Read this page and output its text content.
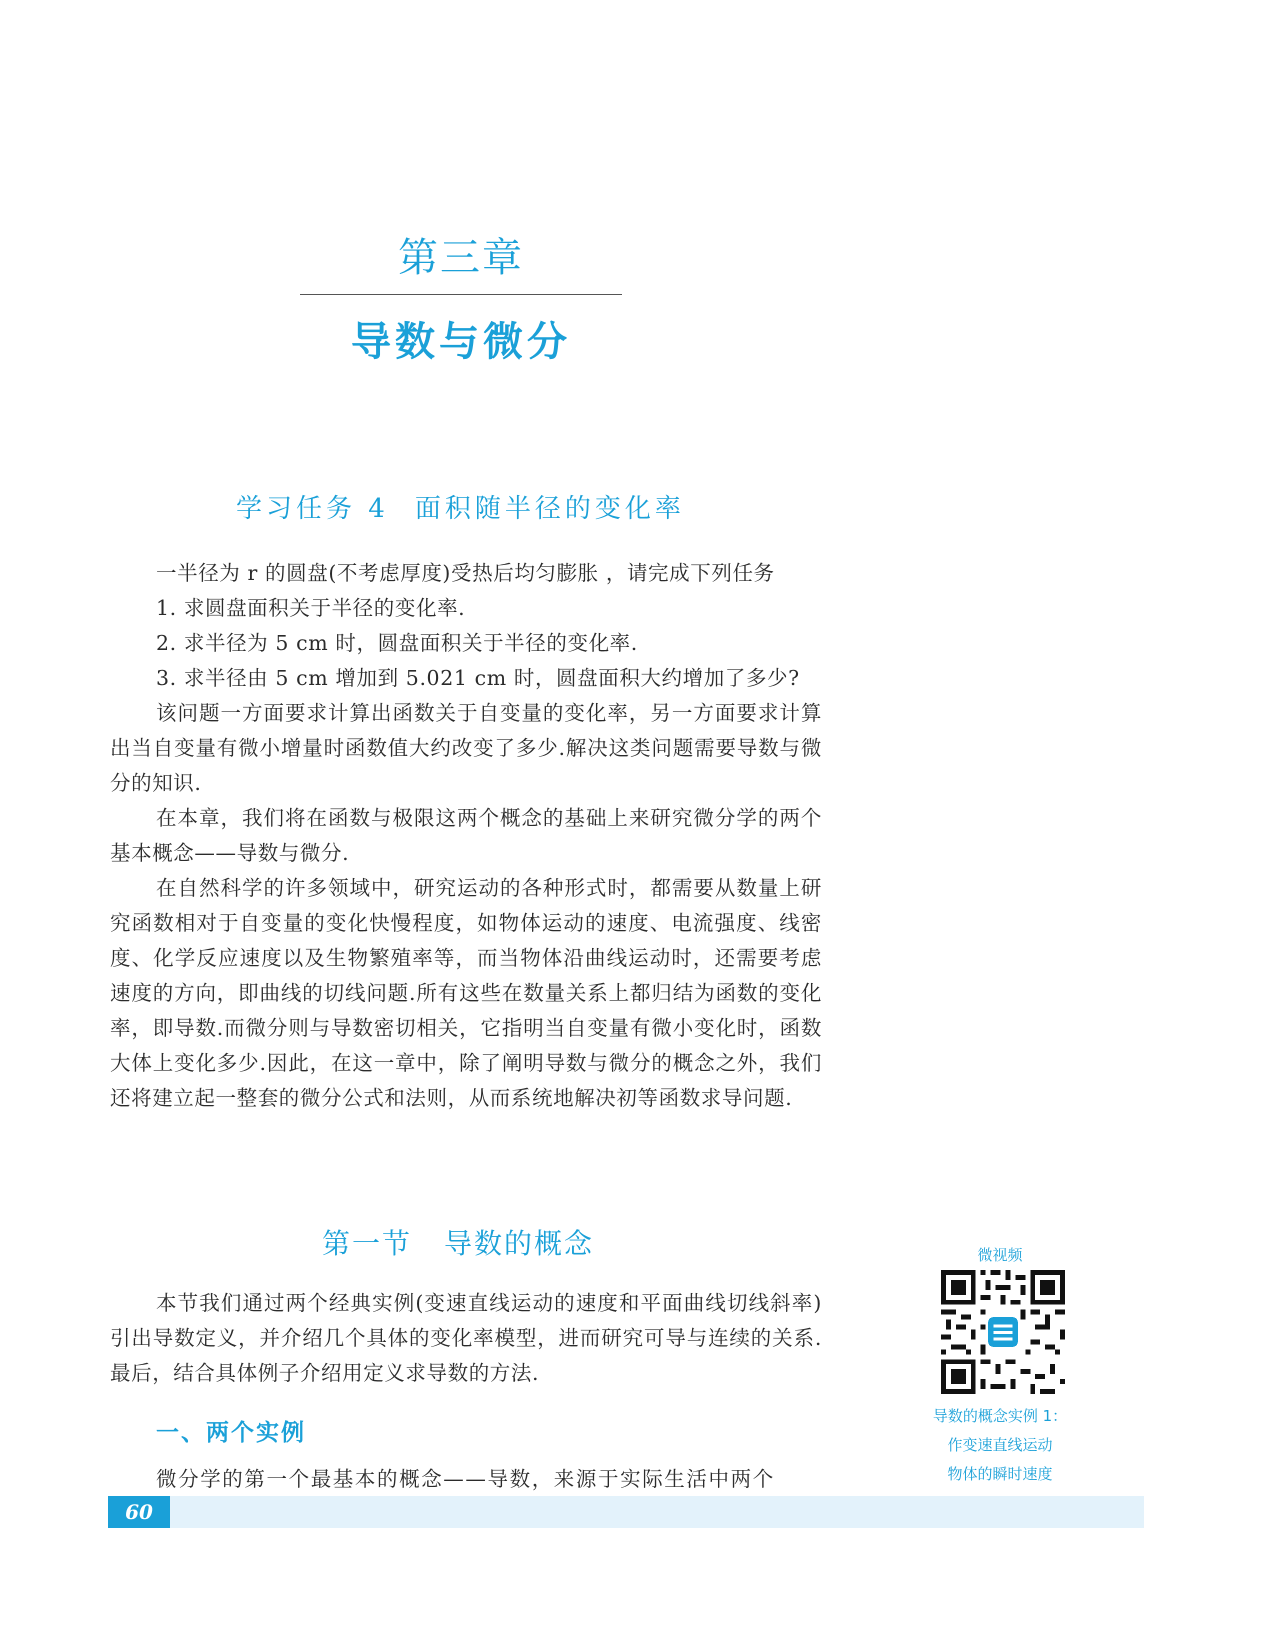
第三章
导数与微分
学习任务 4 面积随半径的变化率

一半径为 r 的圆盘(不考虑厚度)受热后均匀膨胀 ，请完成下列任务

1. 求圆盘面积关于半径的变化率.

2. 求半径为 5 cm 时，圆盘面积关于半径的变化率.

3. 求半径由 5 cm 增加到 5.021 cm 时，圆盘面积大约增加了多少?

该问题一方面要求计算出函数关于自变量的变化率，另一方面要求计算出当自变量有微小增量时函数值大约改变了多少.解决这类问题需要导数与微分的知识.

在本章，我们将在函数与极限这两个概念的基础上来研究微分学的两个基本概念——导数与微分.

在自然科学的许多领域中，研究运动的各种形式时，都需要从数量上研究函数相对于自变量的变化快慢程度，如物体运动的速度、电流强度、线密度、化学反应速度以及生物繁殖率等，而当物体沿曲线运动时，还需要考虑速度的方向，即曲线的切线问题.所有这些在数量关系上都归结为函数的变化率，即导数.而微分则与导数密切相关，它指明当自变量有微小变化时，函数大体上变化多少.因此，在这一章中，除了阐明导数与微分的概念之外，我们还将建立起一整套的微分公式和法则，从而系统地解决初等函数求导问题.

第一节 导数的概念

本节我们通过两个经典实例(变速直线运动的速度和平面曲线切线斜率)引出导数定义，并介绍几个具体的变化率模型，进而研究可导与连续的关系.最后，结合具体例子介绍用定义求导数的方法.

一、两个实例
微分学的第一个最基本的概念——导数，来源于实际生活中两个
微视频
导数的概念实例 1：
作变速直线运动
物体的瞬时速度
60
